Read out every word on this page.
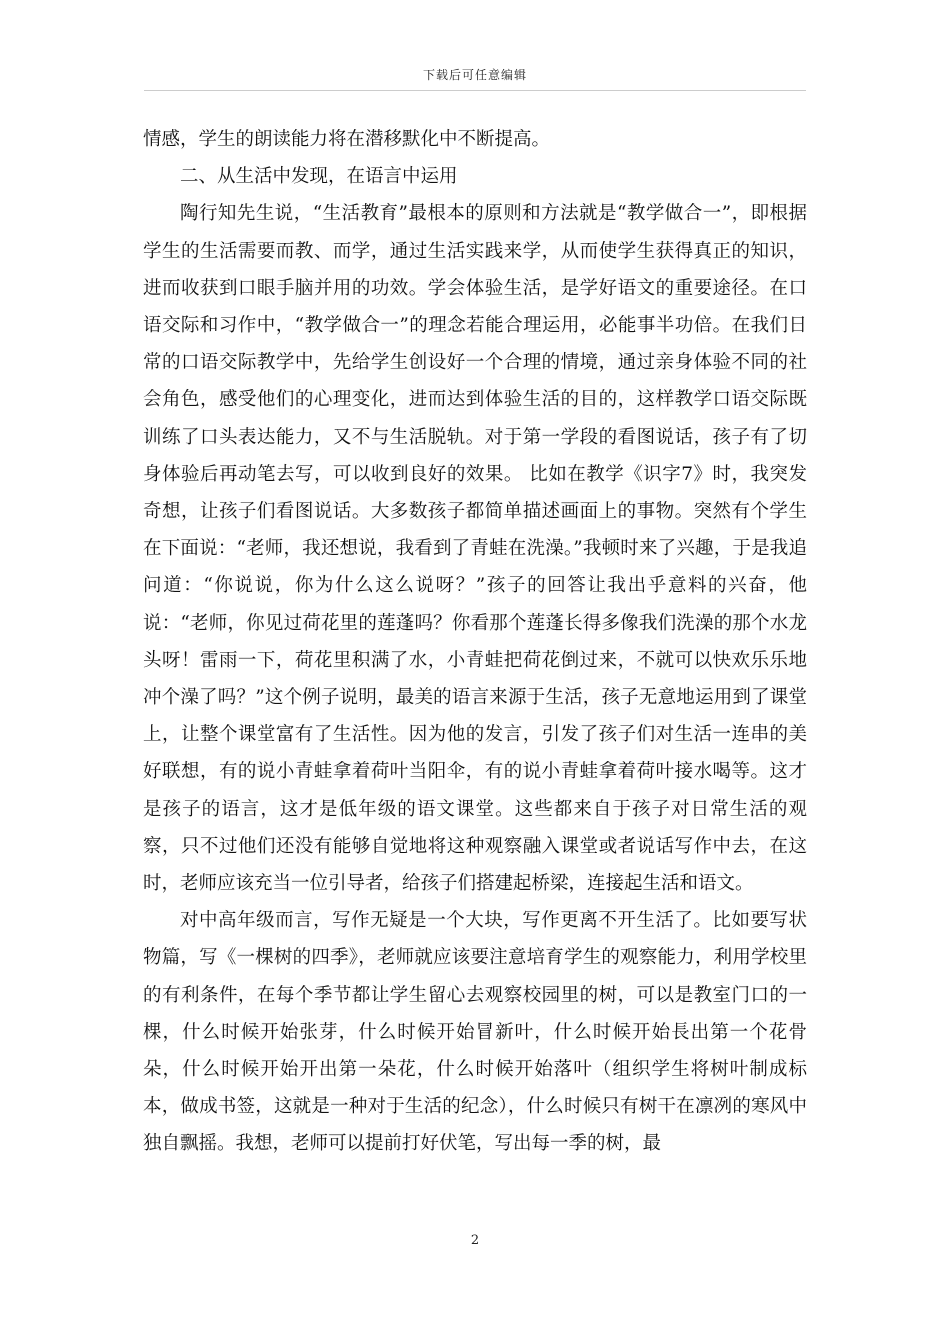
下载后可任意编辑

情感，学生的朗读能力将在潜移默化中不断提高。

二、从生活中发现，在语言中运用

陶行知先生说，“生活教育”最根本的原则和方法就是“教学做合一”，即根据学生的生活需要而教、而学，通过生活实践来学，从而使学生获得真正的知识，进而收获到口眼手脑并用的功效。学会体验生活，是学好语文的重要途径。在口语交际和习作中，“教学做合一”的理念若能合理运用，必能事半功倍。在我们日常的口语交际教学中，先给学生创设好一个合理的情境，通过亲身体验不同的社会角色，感受他们的心理变化，进而达到体验生活的目的，这样教学口语交际既训练了口头表达能力，又不与生活脱轨。对于第一学段的看图说话，孩子有了切身体验后再动笔去写，可以收到良好的效果。 比如在教学《识字7》时，我突发奇想，让孩子们看图说话。大多数孩子都简单描述画面上的事物。突然有个学生在下面说：“老师，我还想说，我看到了青蛙在洗澡。”我顿时来了兴趣，于是我追问道：“你说说，你为什么这么说呀？”孩子的回答让我出乎意料的兴奋，他说：“老师，你见过荷花里的莲蓬吗？你看那个莲蓬长得多像我们洗澡的那个水龙头呀！雷雨一下，荷花里积满了水，小青蛙把荷花倒过来，不就可以快欢乐乐地冲个澡了吗？”这个例子说明，最美的语言来源于生活，孩子无意地运用到了课堂上，让整个课堂富有了生活性。因为他的发言，引发了孩子们对生活一连串的美好联想，有的说小青蛙拿着荷叶当阳伞，有的说小青蛙拿着荷叶接水喝等。这才是孩子的语言，这才是低年级的语文课堂。这些都来自于孩子对日常生活的观察，只不过他们还没有能够自觉地将这种观察融入课堂或者说话写作中去，在这时，老师应该充当一位引导者，给孩子们搭建起桥梁，连接起生活和语文。

对中高年级而言，写作无疑是一个大块，写作更离不开生活了。比如要写状物篇，写《一棵树的四季》，老师就应该要注意培育学生的观察能力，利用学校里的有利条件，在每个季节都让学生留心去观察校园里的树，可以是教室门口的一棵，什么时候开始张芽，什么时候开始冒新叶，什么时候开始長出第一个花骨朵，什么时候开始开出第一朵花，什么时候开始落叶（组织学生将树叶制成标本，做成书签，这就是一种对于生活的纪念），什么时候只有树干在凛冽的寒风中独自飘摇。我想，老师可以提前打好伏笔，写出每一季的树，最

2
